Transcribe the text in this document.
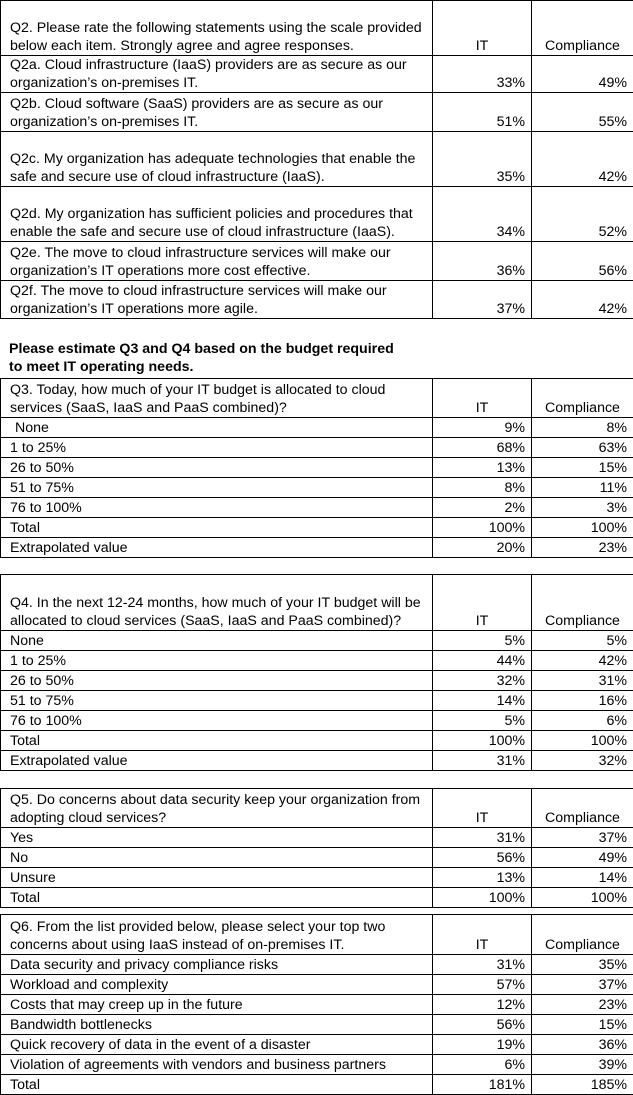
Q2. Please rate the following statements using the scale provided below each item. Strongly agree and agree responses.	IT	Compliance
Q2a. Cloud infrastructure (IaaS) providers are as secure as our organization’s on-premises IT.	33%	49%
Q2b. Cloud software (SaaS) providers are as secure as our organization’s on-premises IT.	51%	55%
Q2c. My organization has adequate technologies that enable the safe and secure use of cloud infrastructure (IaaS).	35%	42%
Q2d. My organization has sufficient policies and procedures that enable the safe and secure use of cloud infrastructure (IaaS).	34%	52%
Q2e. The move to cloud infrastructure services will make our organization’s IT operations more cost effective.	36%	56%
Q2f. The move to cloud infrastructure services will make our organization’s IT operations more agile.	37%	42%
Please estimate Q3 and Q4 based on the budget required to meet IT operating needs.
Q3. Today, how much of your IT budget is allocated to cloud services (SaaS, IaaS and PaaS combined)?	IT	Compliance
None	9%	8%
1 to 25%	68%	63%
26 to 50%	13%	15%
51 to 75%	8%	11%
76 to 100%	2%	3%
Total	100%	100%
Extrapolated value	20%	23%
Q4. In the next 12-24 months, how much of your IT budget will be allocated to cloud services (SaaS, IaaS and PaaS combined)?	IT	Compliance
None	5%	5%
1 to 25%	44%	42%
26 to 50%	32%	31%
51 to 75%	14%	16%
76 to 100%	5%	6%
Total	100%	100%
Extrapolated value	31%	32%
Q5. Do concerns about data security keep your organization from adopting cloud services?	IT	Compliance
Yes	31%	37%
No	56%	49%
Unsure	13%	14%
Total	100%	100%
Q6. From the list provided below, please select your top two concerns about using IaaS instead of on-premises IT.	IT	Compliance
Data security and privacy compliance risks	31%	35%
Workload and complexity	57%	37%
Costs that may creep up in the future	12%	23%
Bandwidth bottlenecks	56%	15%
Quick recovery of data in the event of a disaster	19%	36%
Violation of agreements with vendors and business partners	6%	39%
Total	181%	185%
